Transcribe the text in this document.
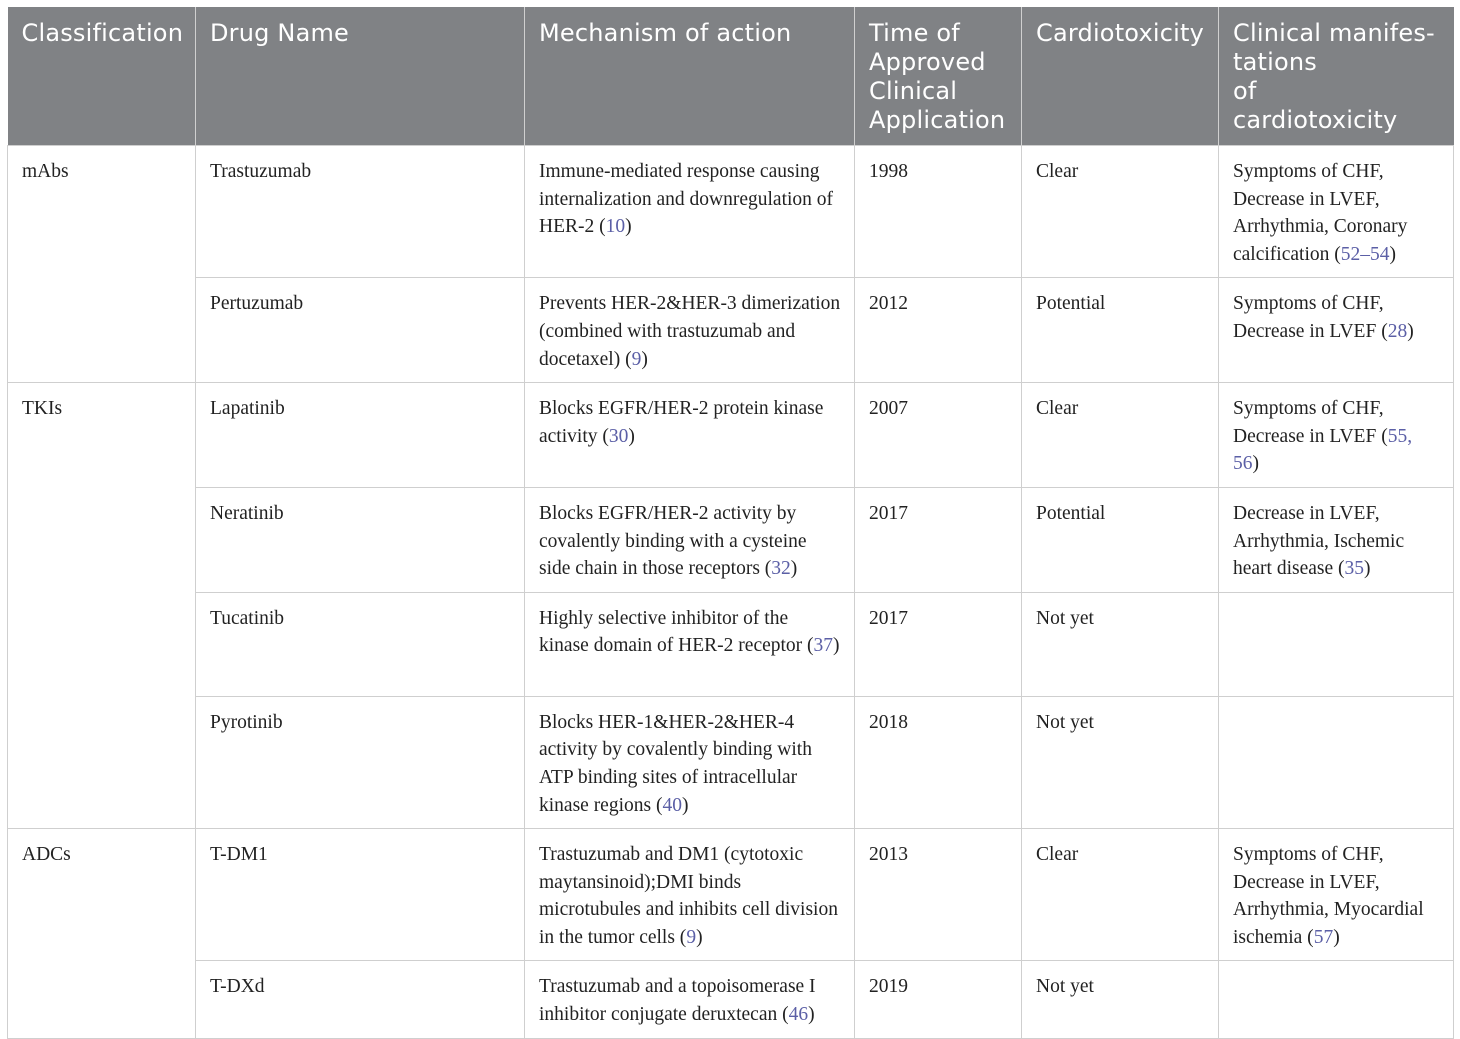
Classification	Drug Name	Mechanism of action	Time of
Approved
Clinical
Application	Cardiotoxicity	Clinical manifes-
tations
of
cardiotoxicity

mAbs	Trastuzumab	Immune-mediated response causing internalization and downregulation of HER-2 (10)	1998	Clear	Symptoms of CHF, Decrease in LVEF, Arrhythmia, Coronary calcification (52–54)
	Pertuzumab	Prevents HER-2&HER-3 dimerization (combined with trastuzumab and docetaxel) (9)	2012	Potential	Symptoms of CHF, Decrease in LVEF (28)
TKIs	Lapatinib	Blocks EGFR/HER-2 protein kinase activity (30)	2007	Clear	Symptoms of CHF, Decrease in LVEF (55, 56)
	Neratinib	Blocks EGFR/HER-2 activity by covalently binding with a cysteine side chain in those receptors (32)	2017	Potential	Decrease in LVEF, Arrhythmia, Ischemic heart disease (35)
	Tucatinib	Highly selective inhibitor of the kinase domain of HER-2 receptor (37)	2017	Not yet	
	Pyrotinib	Blocks HER-1&HER-2&HER-4 activity by covalently binding with ATP binding sites of intracellular kinase regions (40)	2018	Not yet	
ADCs	T-DM1	Trastuzumab and DM1 (cytotoxic maytansinoid);DMI binds microtubules and inhibits cell division in the tumor cells (9)	2013	Clear	Symptoms of CHF, Decrease in LVEF, Arrhythmia, Myocardial ischemia (57)
	T-DXd	Trastuzumab and a topoisomerase I inhibitor conjugate deruxtecan (46)	2019	Not yet	
